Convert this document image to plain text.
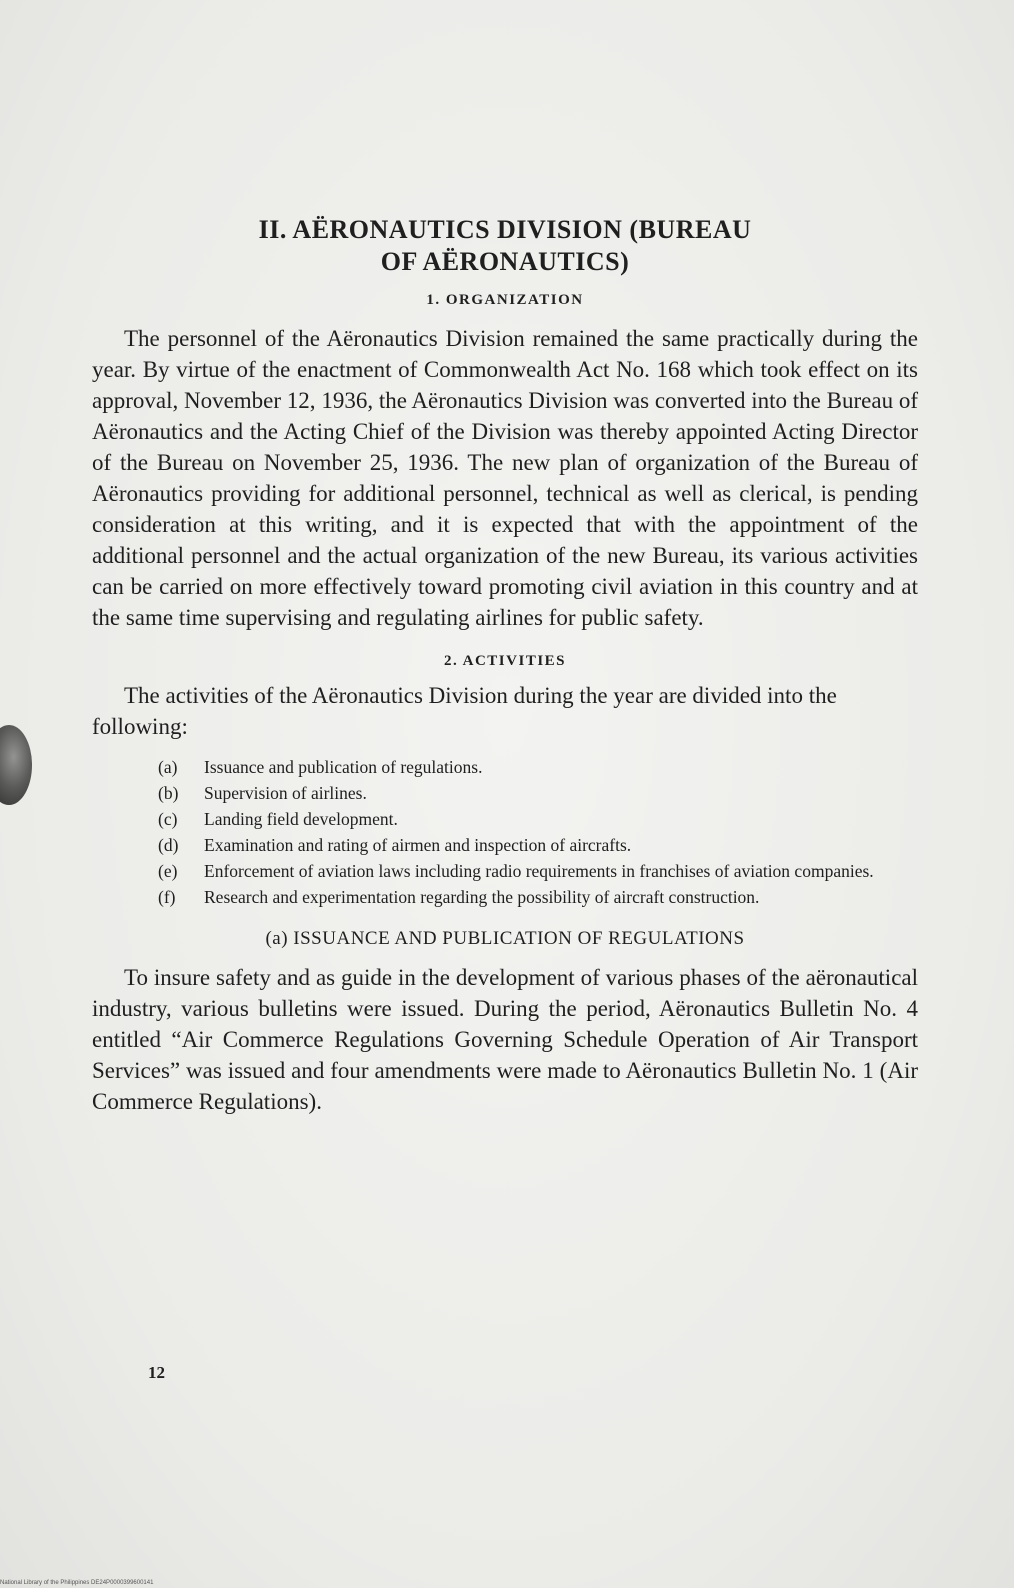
II. AËRONAUTICS DIVISION (BUREAU
OF AËRONAUTICS)
1. ORGANIZATION

The personnel of the Aëronautics Division remained the same practically during the year. By virtue of the enactment of Commonwealth Act No. 168 which took effect on its approval, November 12, 1936, the Aëronautics Division was converted into the Bureau of Aëronautics and the Acting Chief of the Division was thereby appointed Acting Director of the Bureau on November 25, 1936. The new plan of organization of the Bureau of Aëronautics providing for additional personnel, technical as well as clerical, is pending consideration at this writing, and it is expected that with the appointment of the additional personnel and the actual organization of the new Bureau, its various activities can be carried on more effectively toward promoting civil aviation in this country and at the same time supervising and regulating airlines for public safety.

2. ACTIVITIES

The activities of the Aëronautics Division during the year are divided into the following:

(a)	Issuance and publication of regulations.
(b)	Supervision of airlines.
(c)	Landing field development.
(d)	Examination and rating of airmen and inspection of aircrafts.
(e)	Enforcement of aviation laws including radio requirements in franchises of aviation companies.
(f)	Research and experimentation regarding the possibility of aircraft construction.
(a) ISSUANCE AND PUBLICATION OF REGULATIONS

To insure safety and as guide in the development of various phases of the aëronautical industry, various bulletins were issued. During the period, Aëronautics Bulletin No. 4 entitled “Air Commerce Regulations Governing Schedule Operation of Air Transport Services” was issued and four amendments were made to Aëronautics Bulletin No. 1 (Air Commerce Regulations).

12
National Library of the Philippines DE24P0000399600141
